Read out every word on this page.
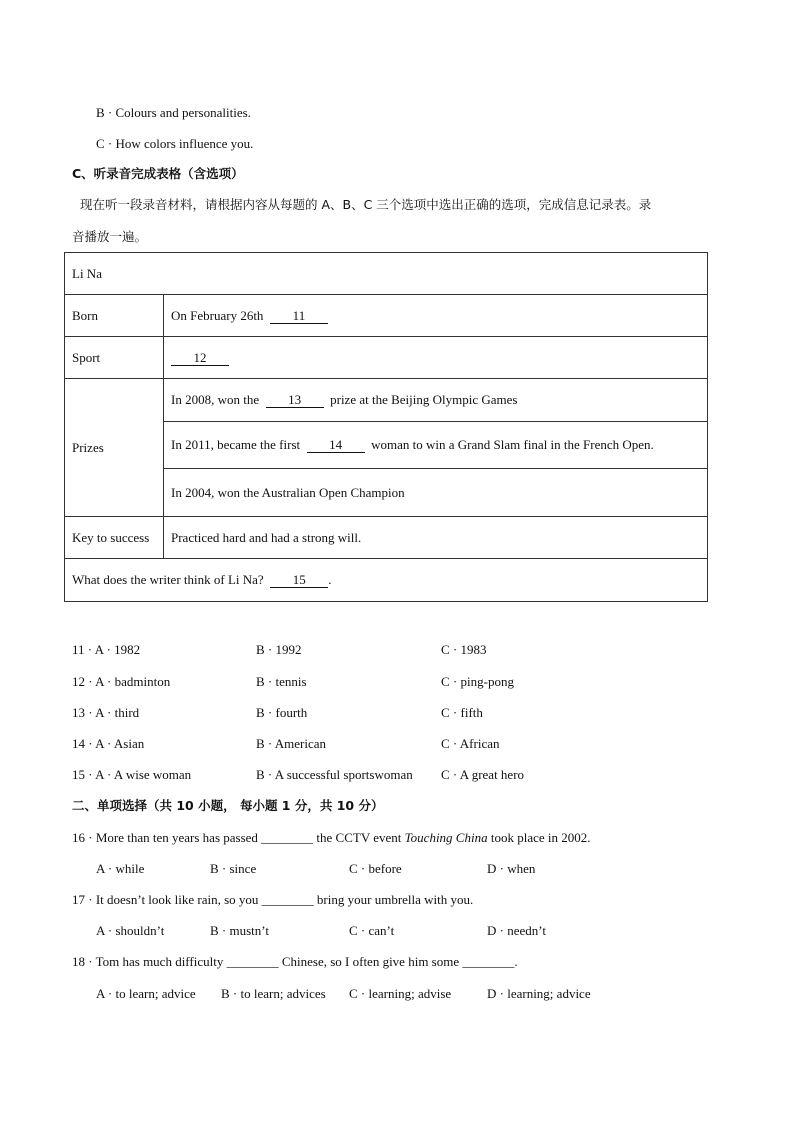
B · Colours and personalities.
C · How colors influence you.
C、听录音完成表格（含选项）
现在听一段录音材料，请根据内容从每题的 A、B、C 三个选项中选出正确的选项，完成信息记录表。录
音播放一遍。
Li Na	
Born	On February 26th 11
Sport	12
Prizes	In 2008, won the 13 prize at the Beijing Olympic Games
	In 2011, became the first 14 woman to win a Grand Slam final in the French Open.
	In 2004, won the Australian Open Champion
Key to success	Practiced hard and had a strong will.
What does the writer think of Li Na? 15 .	
11 · A · 1982	B · 1992	C · 1983
12 · A · badminton	B · tennis	C · ping-pong
13 · A · third	B · fourth	C · fifth
14 · A · Asian	B · American	C · African
15 · A · A wise woman	B · A successful sportswoman C · A great hero
二、单项选择（共 10 小题， 每小题 1 分，共 10 分）
16 · More than ten years has passed ________ the CCTV event Touching China took place in 2002.
A · while	B · since	C · before	D · when
17 · It doesn’t look like rain, so you ________ bring your umbrella with you.
A · shouldn’t	B · mustn’t	C · can’t	D · needn’t
18 · Tom has much difficulty ________ Chinese, so I often give him some ________.
A · to learn; advice B · to learn; advices C · learning; advise	D · learning; advice
